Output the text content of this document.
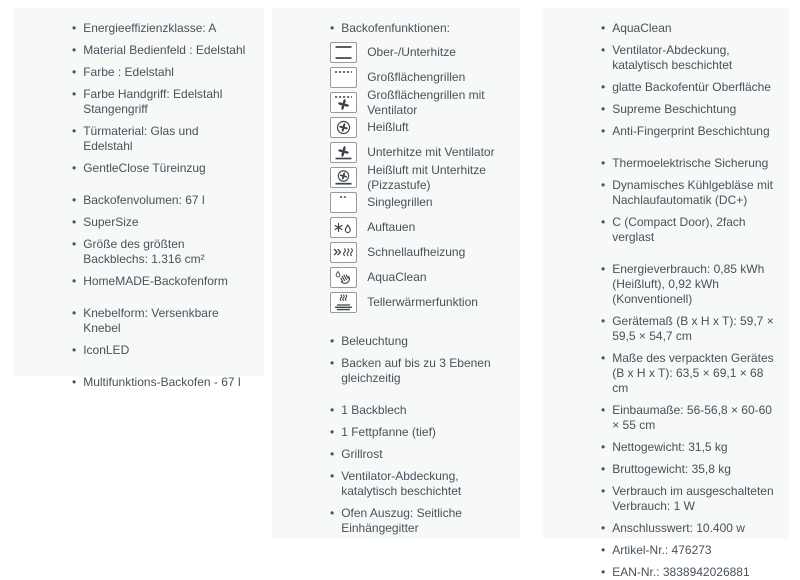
• Energieeffizienzklasse: A
• Material Bedienfeld : Edelstahl
• Farbe : Edelstahl
• Farbe Handgriff: Edelstahl Stangengriff
• Türmaterial: Glas und Edelstahl
• GentleClose Türeinzug
• Backofenvolumen: 67 l
• SuperSize
• Größe des größten Backblechs: 1.316 cm²
• HomeMADE-Backofenform
• Knebelform: Versenkbare Knebel
• IconLED
• Multifunktions-Backofen - 67 l
• Backofenfunktionen:
Ober-/Unterhitze
Großflächengrillen
Großflächengrillen mit Ventilator
Heißluft
Unterhitze mit Ventilator
Heißluft mit Unterhitze (Pizzastufe)
Singlegrillen
Auftauen
Schnellaufheizung
AquaClean
Tellerwärmerfunktion
• Beleuchtung
• Backen auf bis zu 3 Ebenen gleichzeitig
• 1 Backblech
• 1 Fettpfanne (tief)
• Grillrost
• Ventilator-Abdeckung, katalytisch beschichtet
• Ofen Auszug: Seitliche Einhängegitter
• AquaClean
• Ventilator-Abdeckung, katalytisch beschichtet
• glatte Backofentür Oberfläche
• Supreme Beschichtung
• Anti-Fingerprint Beschichtung
• Thermoelektrische Sicherung
• Dynamisches Kühlgebläse mit Nachlaufautomatik (DC+)
• C (Compact Door), 2fach verglast
• Energieverbrauch: 0,85 kWh (Heißluft), 0,92 kWh (Konventionell)
• Gerätemaß (B x H x T): 59,7 × 59,5 × 54,7 cm
• Maße des verpackten Gerätes (B x H x T): 63,5 × 69,1 × 68 cm
• Einbaumaße: 56-56,8 × 60-60 × 55 cm
• Nettogewicht: 31,5 kg
• Bruttogewicht: 35,8 kg
• Verbrauch im ausgeschalteten Verbrauch: 1 W
• Anschlusswert: 10.400 w
• Artikel-Nr.: 476273
• EAN-Nr.: 3838942026881
